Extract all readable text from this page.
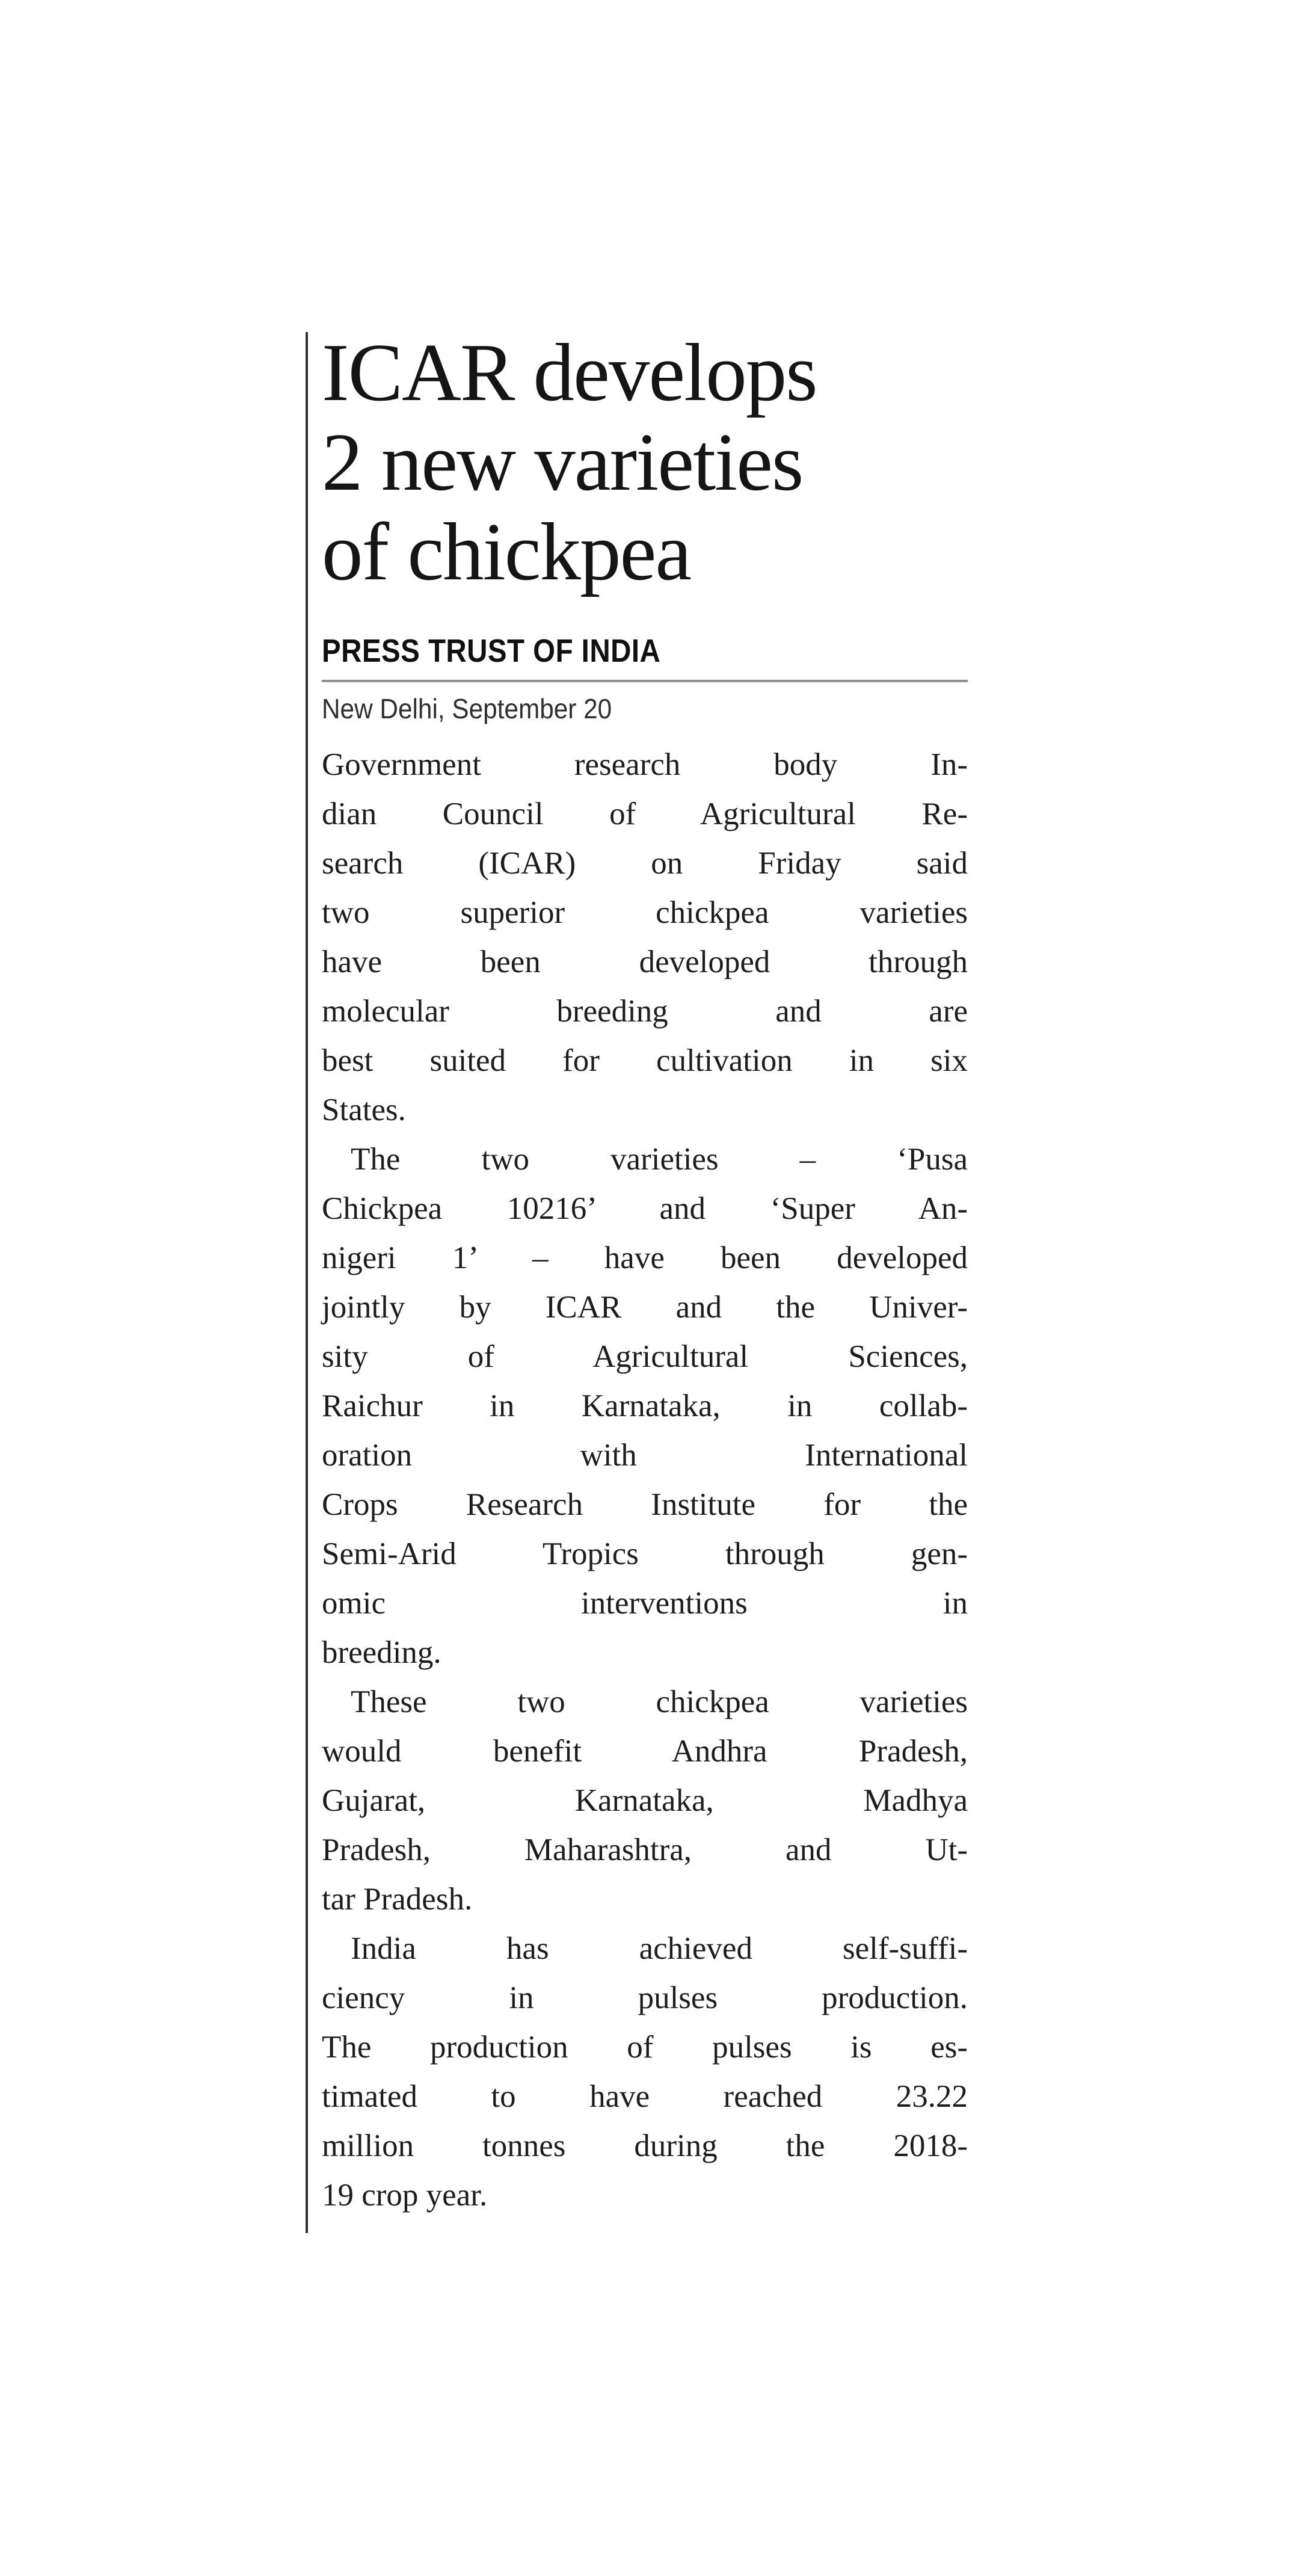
ICAR develops
2 new varieties
of chickpea
PRESS TRUST OF INDIA
New Delhi, September 20
Government research body In-
dian Council of Agricultural Re-
search (ICAR) on Friday said
two superior chickpea varieties
have been developed through
molecular breeding and are
best suited for cultivation in six
States.
The two varieties – ‘Pusa
Chickpea 10216’ and ‘Super An-
nigeri 1’ – have been developed
jointly by ICAR and the Univer-
sity of Agricultural Sciences,
Raichur in Karnataka, in collab-
oration with International
Crops Research Institute for the
Semi-Arid Tropics through gen-
omic interventions in
breeding.
These two chickpea varieties
would benefit Andhra Pradesh,
Gujarat, Karnataka, Madhya
Pradesh, Maharashtra, and Ut-
tar Pradesh.
India has achieved self-suffi-
ciency in pulses production.
The production of pulses is es-
timated to have reached 23.22
million tonnes during the 2018-
19 crop year.
